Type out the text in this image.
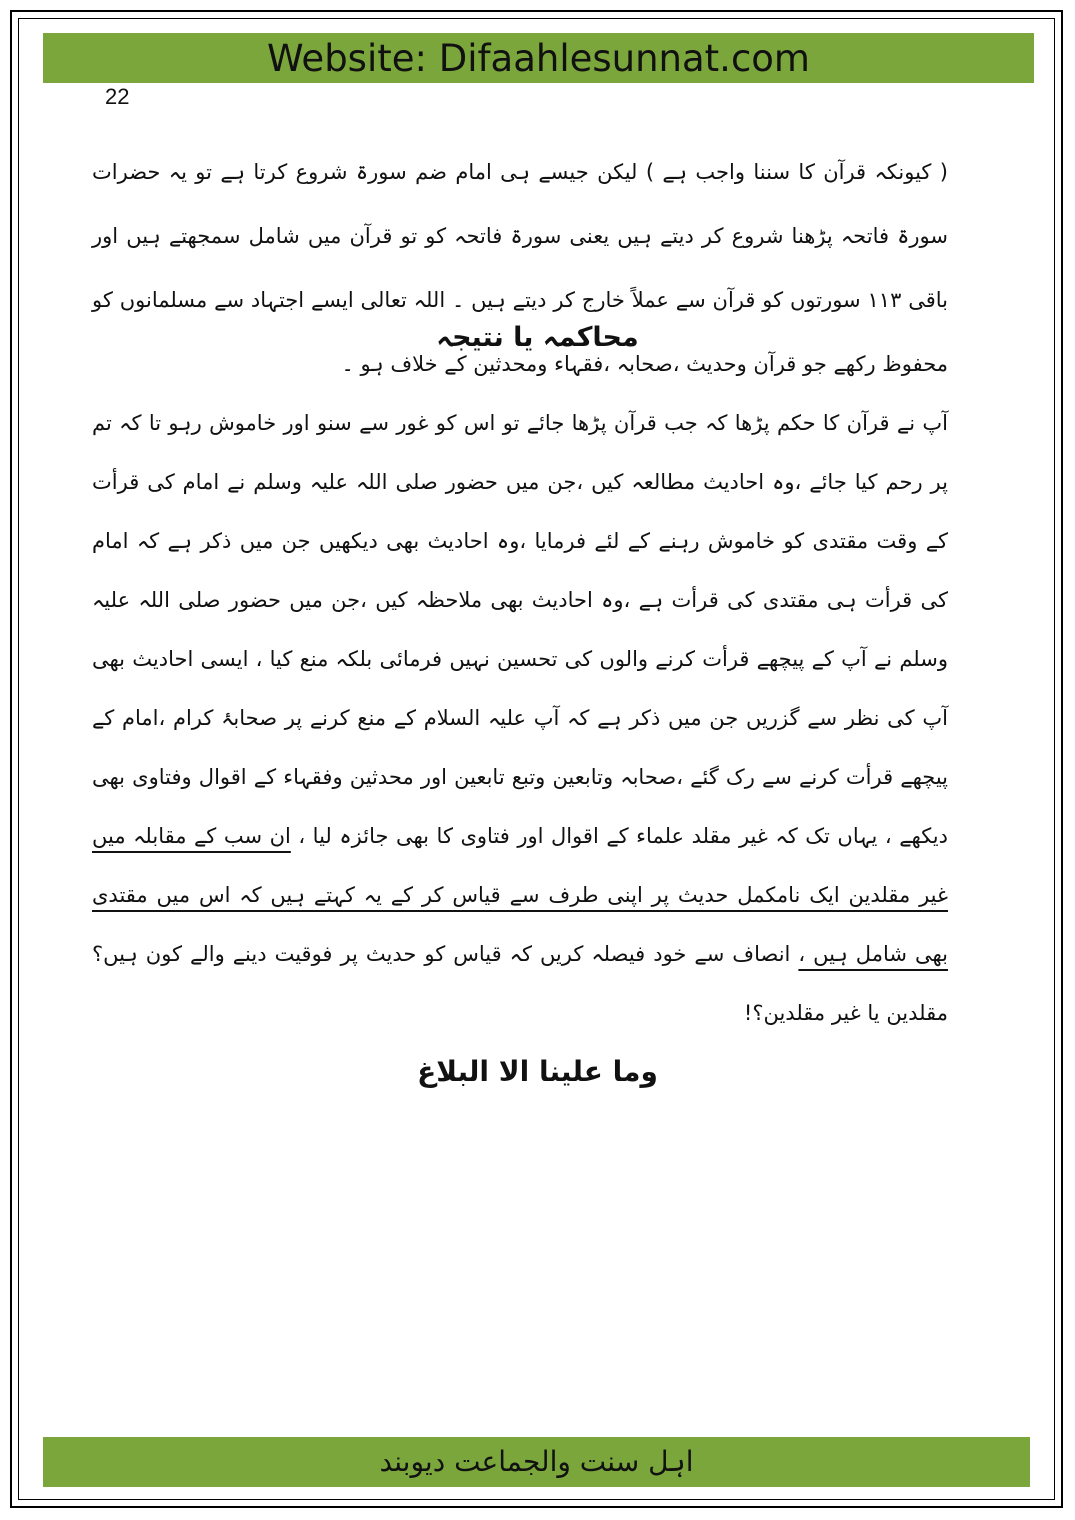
Website: Difaahlesunnat.com
22
( کیونکہ قرآن کا سننا واجب ہے ) لیکن جیسے ہی امام ضم سورۃ شروع کرتا ہے تو یہ حضرات سورۃ فاتحہ پڑھنا شروع کر دیتے ہیں یعنی سورۃ فاتحہ کو تو قرآن میں شامل سمجھتے ہیں اور باقی ۱۱۳ سورتوں کو قرآن سے عملاً خارج کر دیتے ہیں ۔ اللہ تعالی ایسے اجتہاد سے مسلمانوں کو محفوظ رکھے جو قرآن وحدیث ،صحابہ ،فقہاء ومحدثین کے خلاف ہو ۔
محاکمہ یا نتیجہ
آپ نے قرآن کا حکم پڑھا کہ جب قرآن پڑھا جائے تو اس کو غور سے سنو اور خاموش رہو تا کہ تم پر رحم کیا جائے ،وہ احادیث مطالعہ کیں ،جن میں حضور صلی اللہ علیہ وسلم نے امام کی قرأت کے وقت مقتدی کو خاموش رہنے کے لئے فرمایا ،وہ احادیث بھی دیکھیں جن میں ذکر ہے کہ امام کی قرأت ہی مقتدی کی قرأت ہے ،وہ احادیث بھی ملاحظہ کیں ،جن میں حضور صلی اللہ علیہ وسلم نے آپ کے پیچھے قرأت کرنے والوں کی تحسین نہیں فرمائی بلکہ منع کیا ، ایسی احادیث بھی آپ کی نظر سے گزریں جن میں ذکر ہے کہ آپ علیہ السلام کے منع کرنے پر صحابۂ کرام ،امام کے پیچھے قرأت کرنے سے رک گئے ،صحابہ وتابعین وتبع تابعین اور محدثین وفقہاء کے اقوال وفتاوی بھی دیکھے ، یہاں تک کہ غیر مقلد علماء کے اقوال اور فتاوی کا بھی جائزہ لیا ، ان سب کے مقابلہ میں غیر مقلدین ایک نامکمل حدیث پر اپنی طرف سے قیاس کر کے یہ کہتے ہیں کہ اس میں مقتدی بھی شامل ہیں ، انصاف سے خود فیصلہ کریں کہ قیاس کو حدیث پر فوقیت دینے والے کون ہیں؟ مقلدین یا غیر مقلدین؟!
وما علینا الا البلاغ
اہل سنت والجماعت دیوبند
